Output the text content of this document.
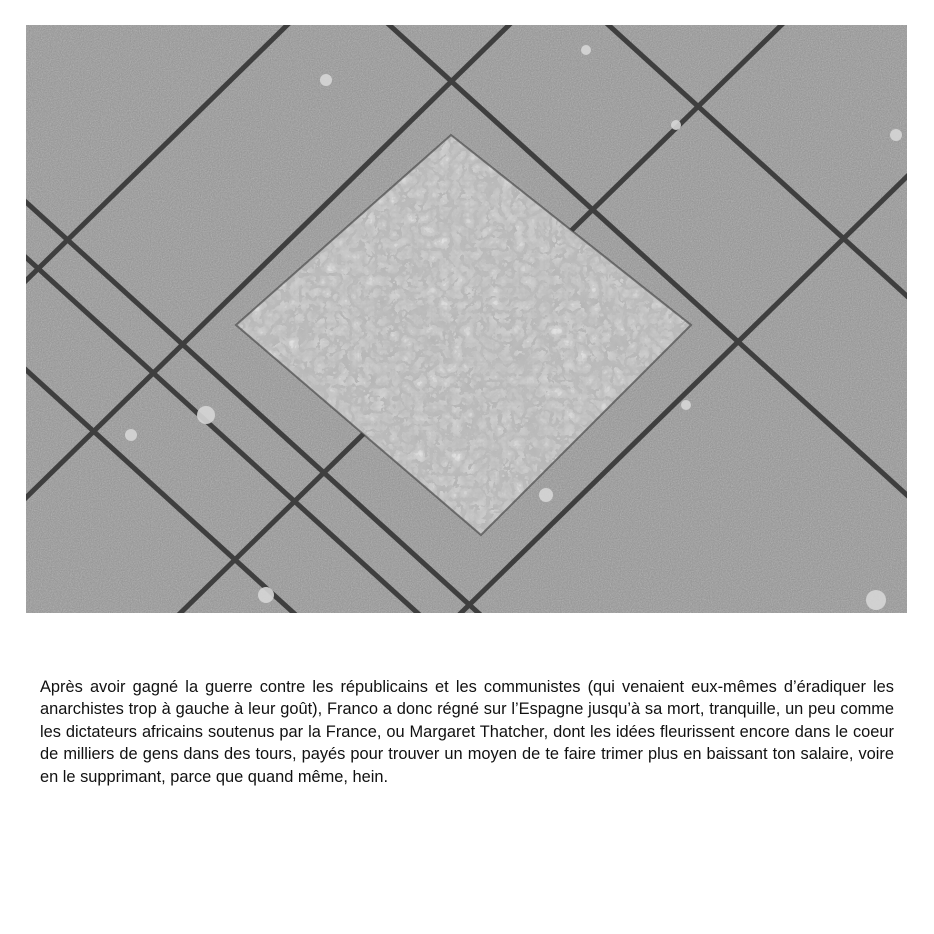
Après avoir gagné la guerre contre les républicains et les communistes (qui venaient eux-mêmes d’éradiquer les anarchistes trop à gauche à leur goût), Franco a donc régné sur l’Espagne jusqu’à sa mort, tranquille, un peu comme les dictateurs africains soutenus par la France, ou Margaret Thatcher, dont les idées fleurissent encore dans le coeur de milliers de gens dans des tours, payés pour trouver un moyen de te faire trimer plus en baissant ton salaire, voire en le supprimant, parce que quand même, hein.
